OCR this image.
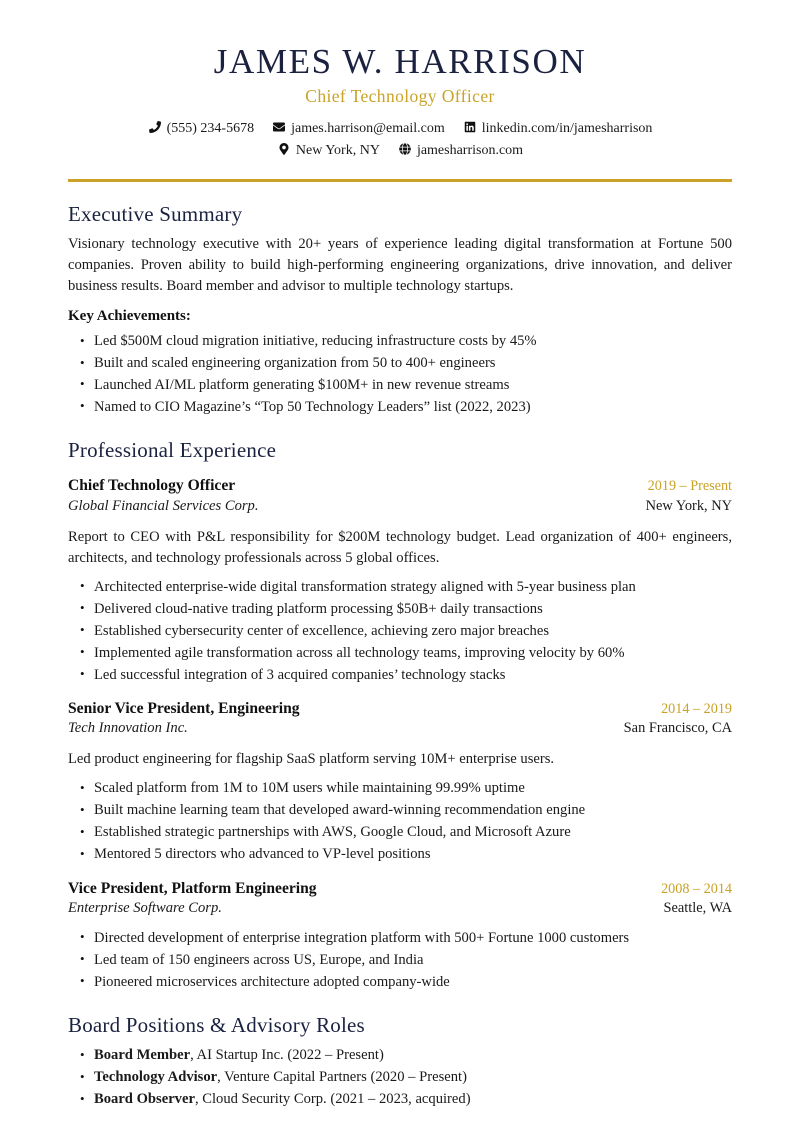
JAMES W. HARRISON
Chief Technology Officer
(555) 234-5678	james.harrison@email.com	linkedin.com/in/jamesharrison
New York, NY	jamesharrison.com
Executive Summary

Visionary technology executive with 20+ years of experience leading digital transformation at Fortune 500 companies. Proven ability to build high-performing engineering organizations, drive innovation, and deliver business results. Board member and advisor to multiple technology startups.

Key Achievements:
• Led $500M cloud migration initiative, reducing infrastructure costs by 45%
• Built and scaled engineering organization from 50 to 400+ engineers
• Launched AI/ML platform generating $100M+ in new revenue streams
• Named to CIO Magazine’s “Top 50 Technology Leaders” list (2022, 2023)
Professional Experience
Chief Technology Officer	2019 – Present
Global Financial Services Corp.	New York, NY

Report to CEO with P&L responsibility for $200M technology budget. Lead organization of 400+ engineers, architects, and technology professionals across 5 global offices.

• Architected enterprise-wide digital transformation strategy aligned with 5-year business plan
• Delivered cloud-native trading platform processing $50B+ daily transactions
• Established cybersecurity center of excellence, achieving zero major breaches
• Implemented agile transformation across all technology teams, improving velocity by 60%
• Led successful integration of 3 acquired companies’ technology stacks
Senior Vice President, Engineering	2014 – 2019
Tech Innovation Inc.	San Francisco, CA

Led product engineering for flagship SaaS platform serving 10M+ enterprise users.

• Scaled platform from 1M to 10M users while maintaining 99.99% uptime
• Built machine learning team that developed award-winning recommendation engine
• Established strategic partnerships with AWS, Google Cloud, and Microsoft Azure
• Mentored 5 directors who advanced to VP-level positions
Vice President, Platform Engineering	2008 – 2014
Enterprise Software Corp.	Seattle, WA
• Directed development of enterprise integration platform with 500+ Fortune 1000 customers
• Led team of 150 engineers across US, Europe, and India
• Pioneered microservices architecture adopted company-wide
Board Positions & Advisory Roles
• Board Member, AI Startup Inc. (2022 – Present)
• Technology Advisor, Venture Capital Partners (2020 – Present)
• Board Observer, Cloud Security Corp. (2021 – 2023, acquired)
